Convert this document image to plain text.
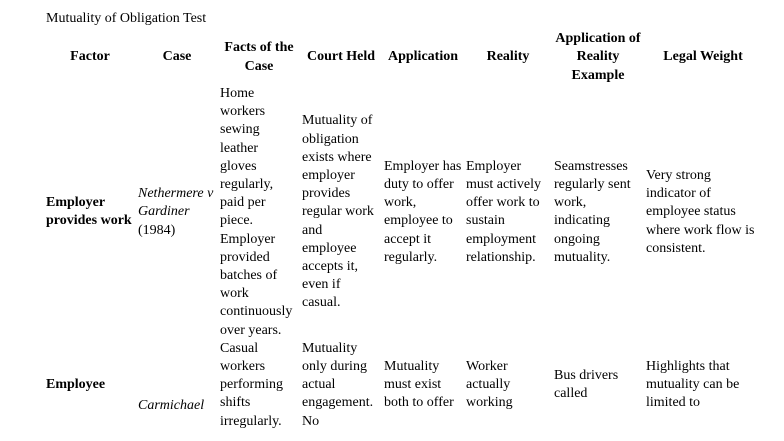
Mutuality of Obligation Test
Factor	Case	Facts of the Case	Court Held	Application	Reality	Application of Reality Example	Legal Weight
Employer provides work	Nethermere v Gardiner (1984)	Home workers sewing leather gloves regularly, paid per piece. Employer provided batches of work continuously over years.	Mutuality of obligation exists where employer provides regular work and employee accepts it, even if casual.	Employer has duty to offer work, employee to accept it regularly.	Employer must actively offer work to sustain employment relationship.	Seamstresses regularly sent work, indicating ongoing mutuality.	Very strong indicator of employee status where work flow is consistent.
Employee	Carmichael	Casual workers performing shifts irregularly.	Mutuality only during actual engagement. No	Mutuality must exist both to offer	Worker actually working	Bus drivers called	Highlights that mutuality can be limited to
